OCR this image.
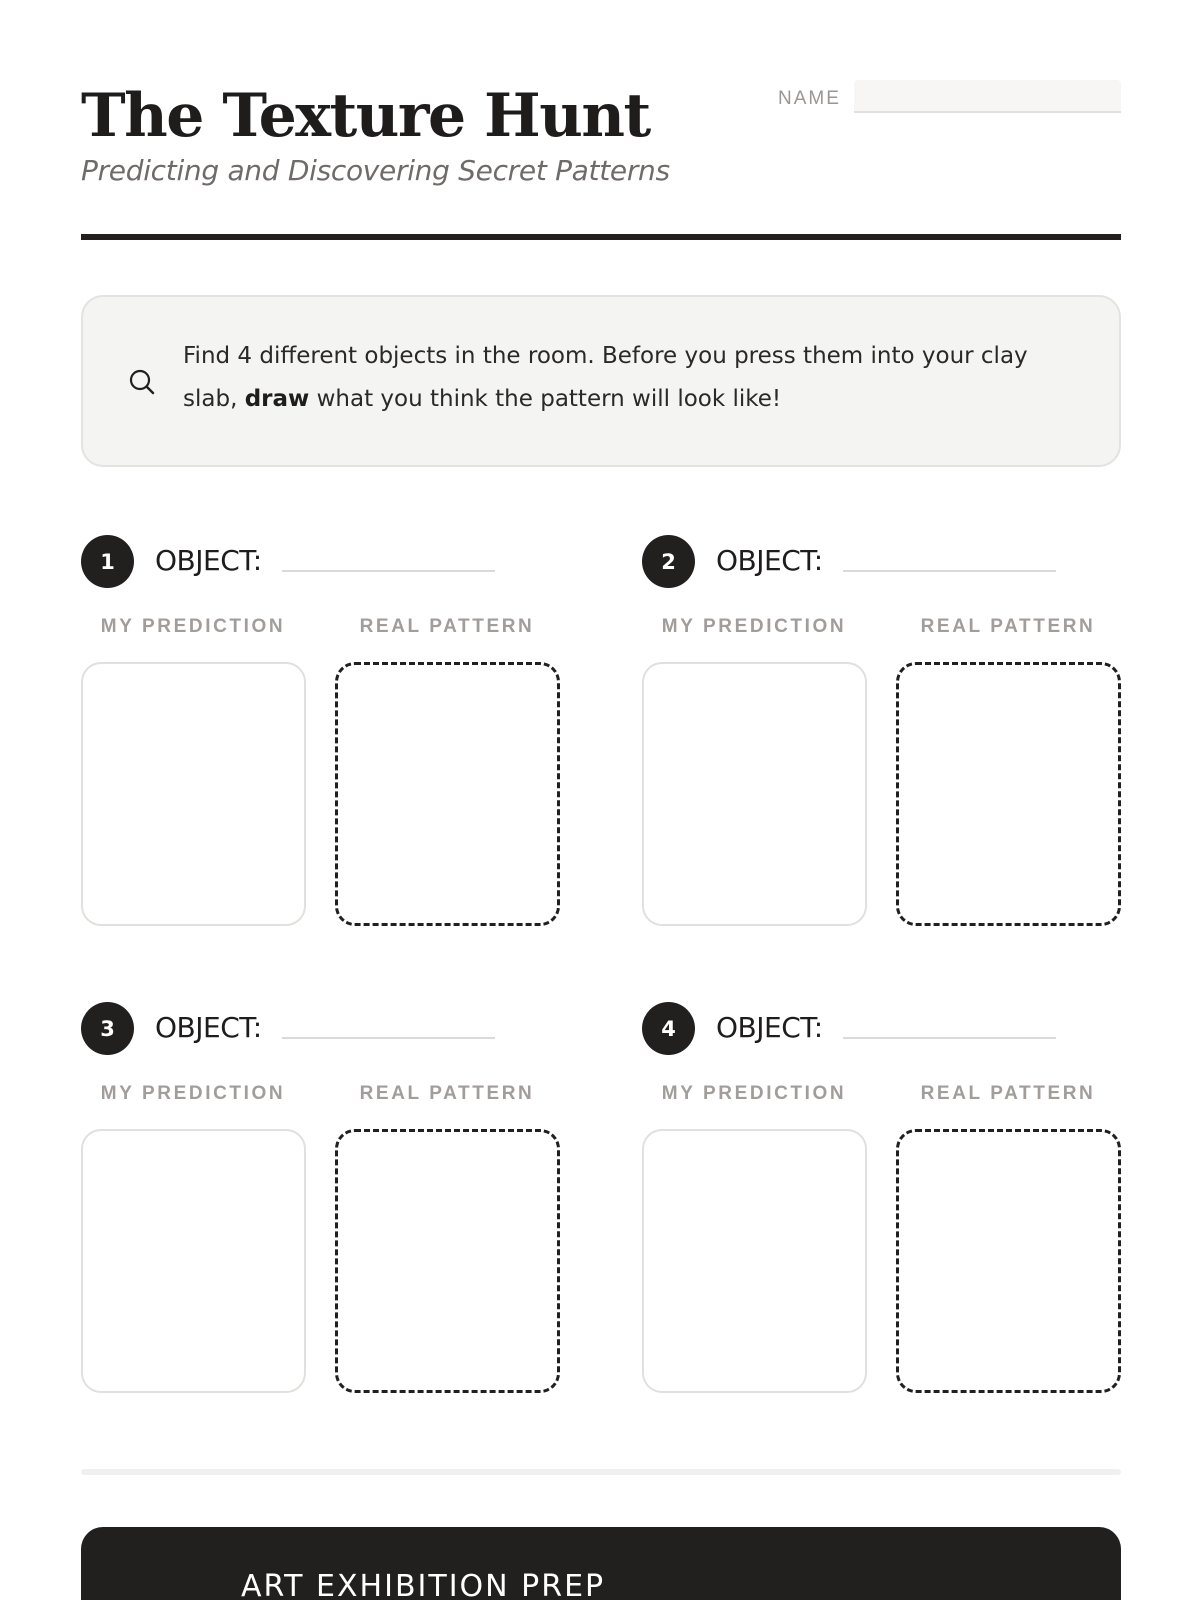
The Texture Hunt
Predicting and Discovering Secret Patterns
NAME

Find 4 different objects in the room. Before you press them into your clay slab, draw what you think the pattern will look like!

1	OBJECT:
MY PREDICTION	REAL PATTERN
2	OBJECT:
MY PREDICTION	REAL PATTERN
3	OBJECT:
MY PREDICTION	REAL PATTERN
4	OBJECT:
MY PREDICTION	REAL PATTERN
ART EXHIBITION PREP
